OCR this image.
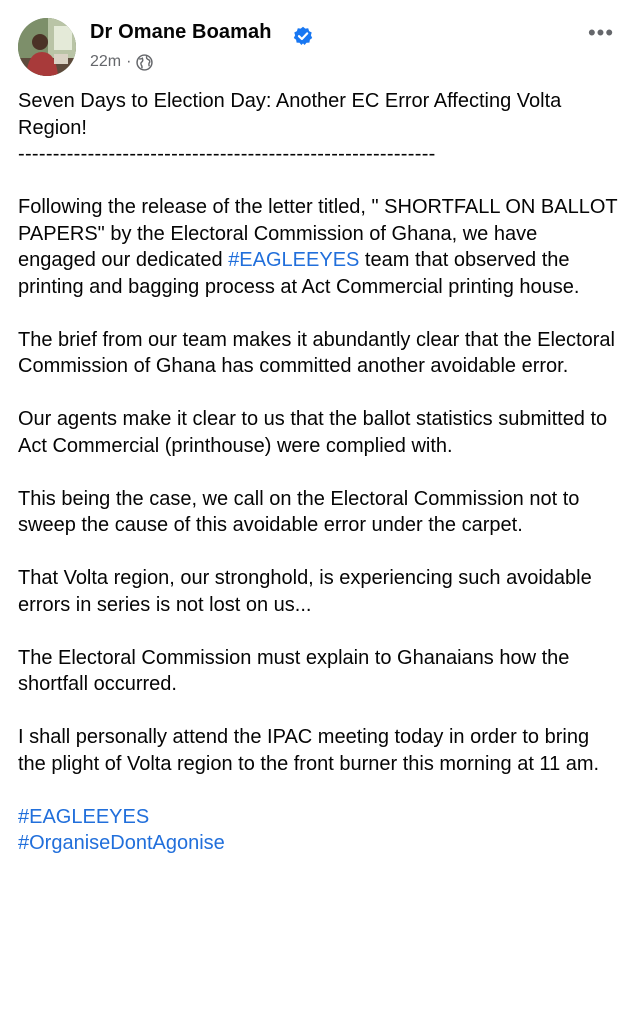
Dr Omane Boamah
22m ·
•••

Seven Days to Election Day: Another EC Error Affecting Volta Region!

------------------------------------------------------------

Following the release of the letter titled, " SHORTFALL ON BALLOT PAPERS" by the Electoral Commission of Ghana, we have engaged our dedicated #EAGLEEYES team that observed the printing and bagging process at Act Commercial printing house.

The brief from our team makes it abundantly clear that the Electoral Commission of Ghana has committed another avoidable error.

Our agents make it clear to us that the ballot statistics submitted to Act Commercial (printhouse) were complied with.

This being the case, we call on the Electoral Commission not to sweep the cause of this avoidable error under the carpet.

That Volta region, our stronghold, is experiencing such avoidable errors in series is not lost on us...

The Electoral Commission must explain to Ghanaians how the shortfall occurred.

I shall personally attend the IPAC meeting today in order to bring the plight of Volta region to the front burner this morning at 11 am.

#EAGLEEYES

#OrganiseDontAgonise
